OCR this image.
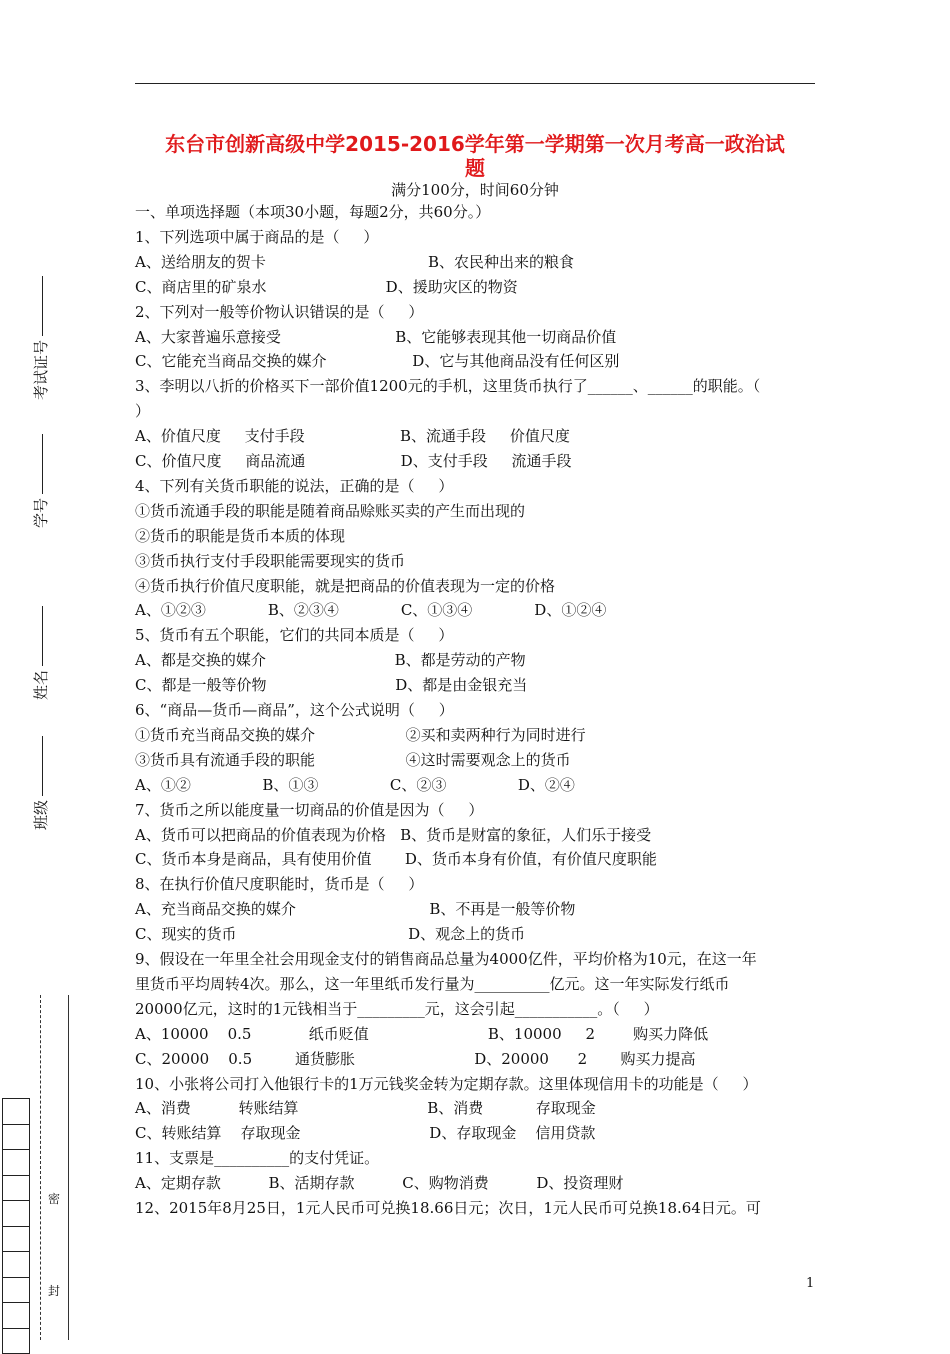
东台市创新高级中学2015-2016学年第一学期第一次月考高一政治试
题
满分100分，时间60分钟
一、单项选择题（本项30小题，每题2分，共60分。）
1、下列选项中属于商品的是（     ）
A、送给朋友的贺卡                                  B、农民种出来的粮食
C、商店里的矿泉水                         D、援助灾区的物资
2、下列对一般等价物认识错误的是（     ）
A、大家普遍乐意接受                        B、它能够表现其他一切商品价值
C、它能充当商品交换的媒介                  D、它与其他商品没有任何区别
3、李明以八折的价格买下一部价值1200元的手机，这里货币执行了______、______的职能。（
）
A、价值尺度     支付手段                    B、流通手段     价值尺度
C、价值尺度     商品流通                    D、支付手段     流通手段
4、下列有关货币职能的说法，正确的是（     ）
①货币流通手段的职能是随着商品赊账买卖的产生而出现的
②货币的职能是货币本质的体现
③货币执行支付手段职能需要现实的货币
④货币执行价值尺度职能，就是把商品的价值表现为一定的价格
A、①②③             B、②③④             C、①③④             D、①②④
5、货币有五个职能，它们的共同本质是（     ）
A、都是交换的媒介                           B、都是劳动的产物
C、都是一般等价物                           D、都是由金银充当
6、“商品—货币—商品”，这个公式说明（     ）
①货币充当商品交换的媒介                   ②买和卖两种行为同时进行
③货币具有流通手段的职能                   ④这时需要观念上的货币
A、①②               B、①③               C、②③               D、②④
7、货币之所以能度量一切商品的价值是因为（     ）
A、货币可以把商品的价值表现为价格   B、货币是财富的象征，人们乐于接受
C、货币本身是商品，具有使用价值       D、货币本身有价值，有价值尺度职能
8、在执行价值尺度职能时，货币是（     ）
A、充当商品交换的媒介                            B、不再是一般等价物
C、现实的货币                                    D、观念上的货币
9、假设在一年里全社会用现金支付的销售商品总量为4000亿件，平均价格为10元，在这一年
里货币平均周转4次。那么，这一年里纸币发行量为__________亿元。这一年实际发行纸币
20000亿元，这时的1元钱相当于_________元，这会引起___________。（     ）
A、10000    0.5            纸币贬值                         B、10000     2        购买力降低
C、20000    0.5         通货膨胀                         D、20000      2       购买力提高
10、小张将公司打入他银行卡的1万元钱奖金转为定期存款。这里体现信用卡的功能是（     ）
A、消费          转账结算                           B、消费           存取现金
C、转账结算    存取现金                           D、存取现金    信用贷款
11、支票是__________的支付凭证。
A、定期存款          B、活期存款          C、购物消费          D、投资理财
12、2015年8月25日，1元人民币可兑换18.66日元；次日，1元人民币可兑换18.64日元。可
考试证号
学号
姓名
班级

密
封	1
